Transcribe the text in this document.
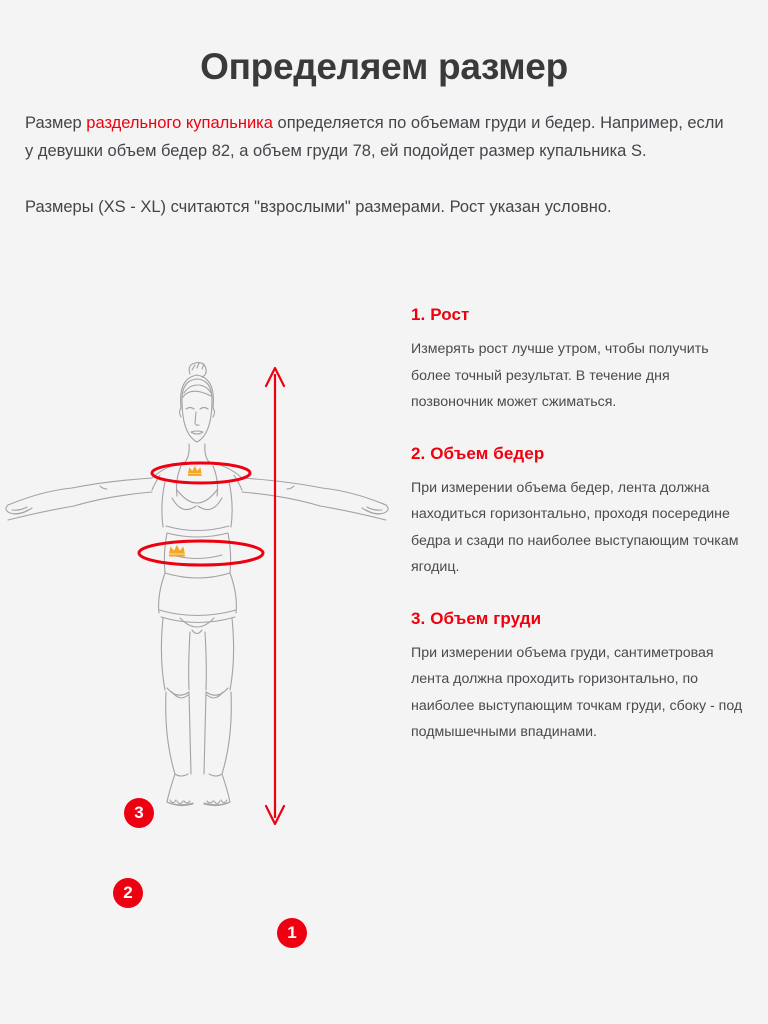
Определяем размер

Размер раздельного купальника определяется по объемам груди и бедер. Например, если у девушки объем бедер 82, а объем груди 78, ей подойдет размер купальника S.

Размеры (XS - XL) считаются "взрослыми" размерами. Рост указан условно.

1. Рост
Измерять рост лучше утром, чтобы получить более точный результат. В течение дня позвоночник может сжиматься.
2. Объем бедер
При измерении объема бедер, лента должна находиться горизонтально, проходя посередине бедра и сзади по наиболее выступающим точкам ягодиц.
3. Объем груди
При измерении объема груди, сантиметровая лента должна проходить горизонтально, по наиболее выступающим точкам груди, сбоку - под подмышечными впадинами.
1
2
3
